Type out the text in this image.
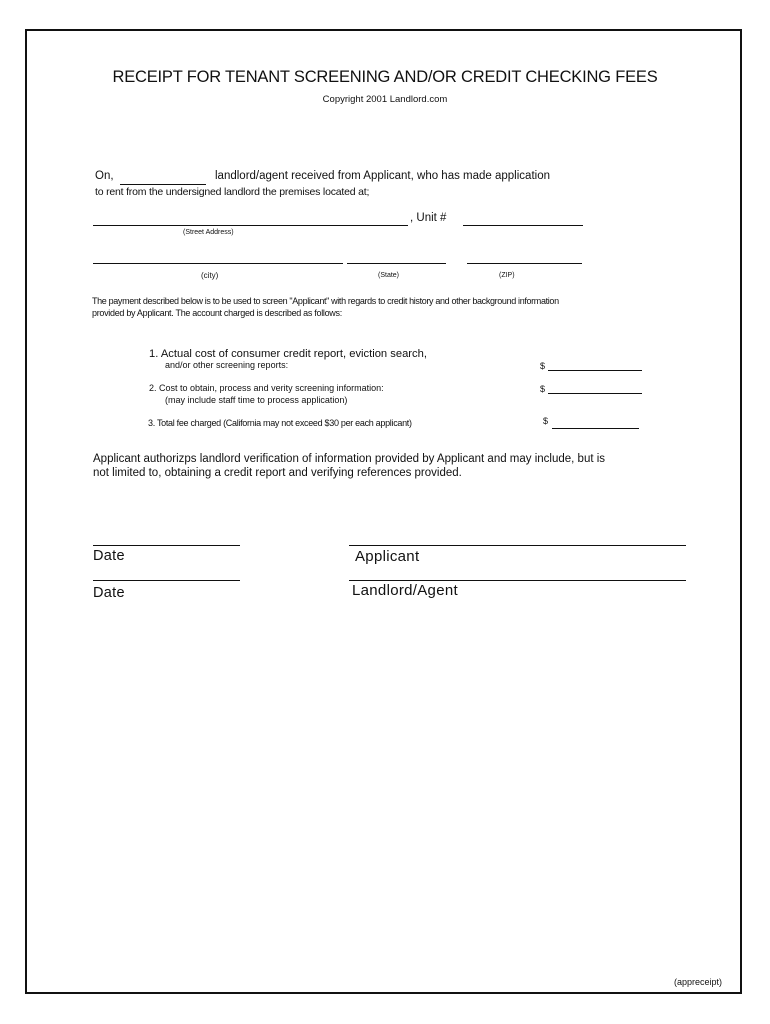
RECEIPT FOR TENANT SCREENING AND/OR CREDIT CHECKING FEES
Copyright 2001 Landlord.com
On,	landlord/agent received from Applicant, who has made application
to rent from the undersigned landlord the premises located at;
, Unit #
(Street Address)
(city)	(State)	(ZIP)
The payment described below is to be used to screen "Applicant" with regards to credit history and other background information
provided by Applicant. The account charged is described as follows:
1. Actual cost of consumer credit report, eviction search,
and/or other screening reports:	$
2. Cost to obtain, process and verity screening information:
(may include staff time to process application)
$
3. Total fee charged (California may not exceed $30 per each applicant)	$
Applicant authorizps landlord verification of information provided by Applicant and may include, but is
not limited to, obtaining a credit report and verifying references provided.
Date	Applicant
Date	Landlord/Agent
(appreceipt)
